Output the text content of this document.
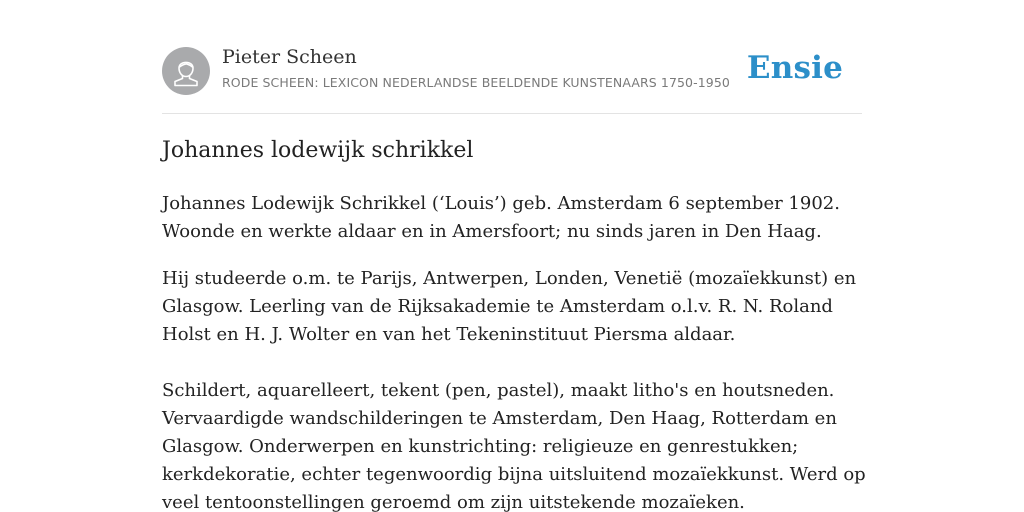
Pieter Scheen
RODE SCHEEN: LEXICON NEDERLANDSE BEELDENDE KUNSTENAARS 1750-1950 Ensie
Johannes lodewijk schrikkel

Johannes Lodewijk Schrikkel (‘Louis’) geb. Amsterdam 6 september 1902. Woonde en werkte aldaar en in Amersfoort; nu sinds jaren in Den Haag.

Hij studeerde o.m. te Parijs, Antwerpen, Londen, Venetië (mozaïekkunst) en Glasgow. Leerling van de Rijksakademie te Amsterdam o.l.v. R. N. Roland Holst en H. J. Wolter en van het Tekeninstituut Piersma aldaar.

Schildert, aquarelleert, tekent (pen, pastel), maakt litho's en houtsneden. Vervaardigde wandschilderingen te Amsterdam, Den Haag, Rotterdam en Glasgow. Onderwerpen en kunstrichting: religieuze en genrestukken; kerkdekoratie, echter tegenwoordig bijna uitsluitend mozaïekkunst. Werd op veel tentoonstellingen geroemd om zijn uitstekende mozaïeken.
